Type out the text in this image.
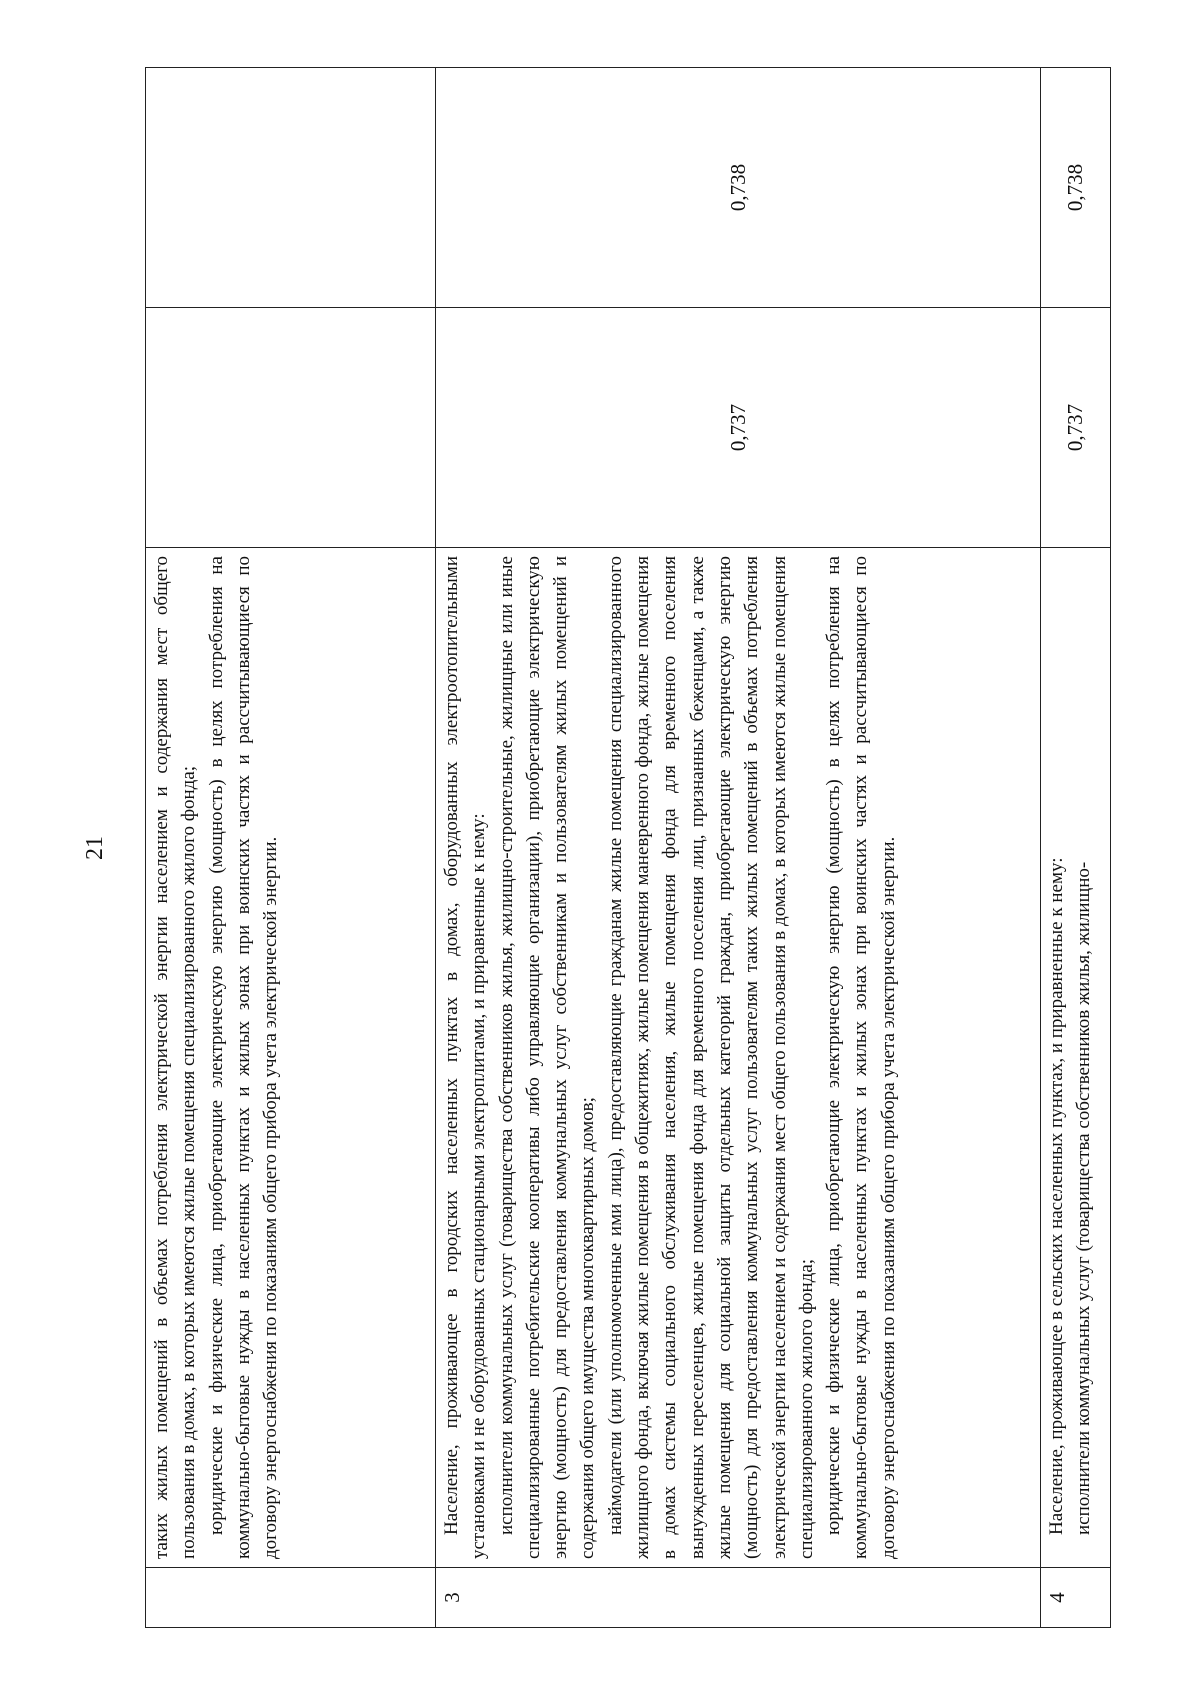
21

	таких жилых помещений в объемах потребления электрической энергии населением и содержания мест общего пользования в домах, в которых имеются жилые помещения специализированного жилого фонда; юридические и физические лица, приобретающие электрическую энергию (мощность) в целях потребления на коммунально-бытовые нужды в населенных пунктах и жилых зонах при воинских частях и рассчитывающиеся по договору энергоснабжения по показаниям общего прибора учета электрической энергии.		

3	Население, проживающее в городских населенных пунктах в домах, оборудованных электроотопительными установками и не оборудованных стационарными электроплитами, и приравненные к нему: исполнители коммунальных услуг (товарищества собственников жилья, жилищно-строительные, жилищные или иные специализированные потребительские кооперативы либо управляющие организации), приобретающие электрическую энергию (мощность) для предоставления коммунальных услуг собственникам и пользователям жилых помещений и содержания общего имущества многоквартирных домов; наймодатели (или уполномоченные ими лица), предоставляющие гражданам жилые помещения специализированного жилищного фонда, включая жилые помещения в общежитиях, жилые помещения маневренного фонда, жилые помещения в домах системы социального обслуживания населения, жилые помещения фонда для временного поселения вынужденных переселенцев, жилые помещения фонда для временного поселения лиц, признанных беженцами, а также жилые помещения для социальной защиты отдельных категорий граждан, приобретающие электрическую энергию (мощность) для предоставления коммунальных услуг пользователям таких жилых помещений в объемах потребления электрической энергии населением и содержания мест общего пользования в домах, в которых имеются жилые помещения специализированного жилого фонда; юридические и физические лица, приобретающие электрическую энергию (мощность) в целях потребления на коммунально-бытовые нужды в населенных пунктах и жилых зонах при воинских частях и рассчитывающиеся по договору энергоснабжения по показаниям общего прибора учета электрической энергии.	0,737	0,738
4	Население, проживающее в сельских населенных пунктах, и приравненные к нему: исполнители коммунальных услуг (товарищества собственников жилья, жилищно-	0,737	0,738
